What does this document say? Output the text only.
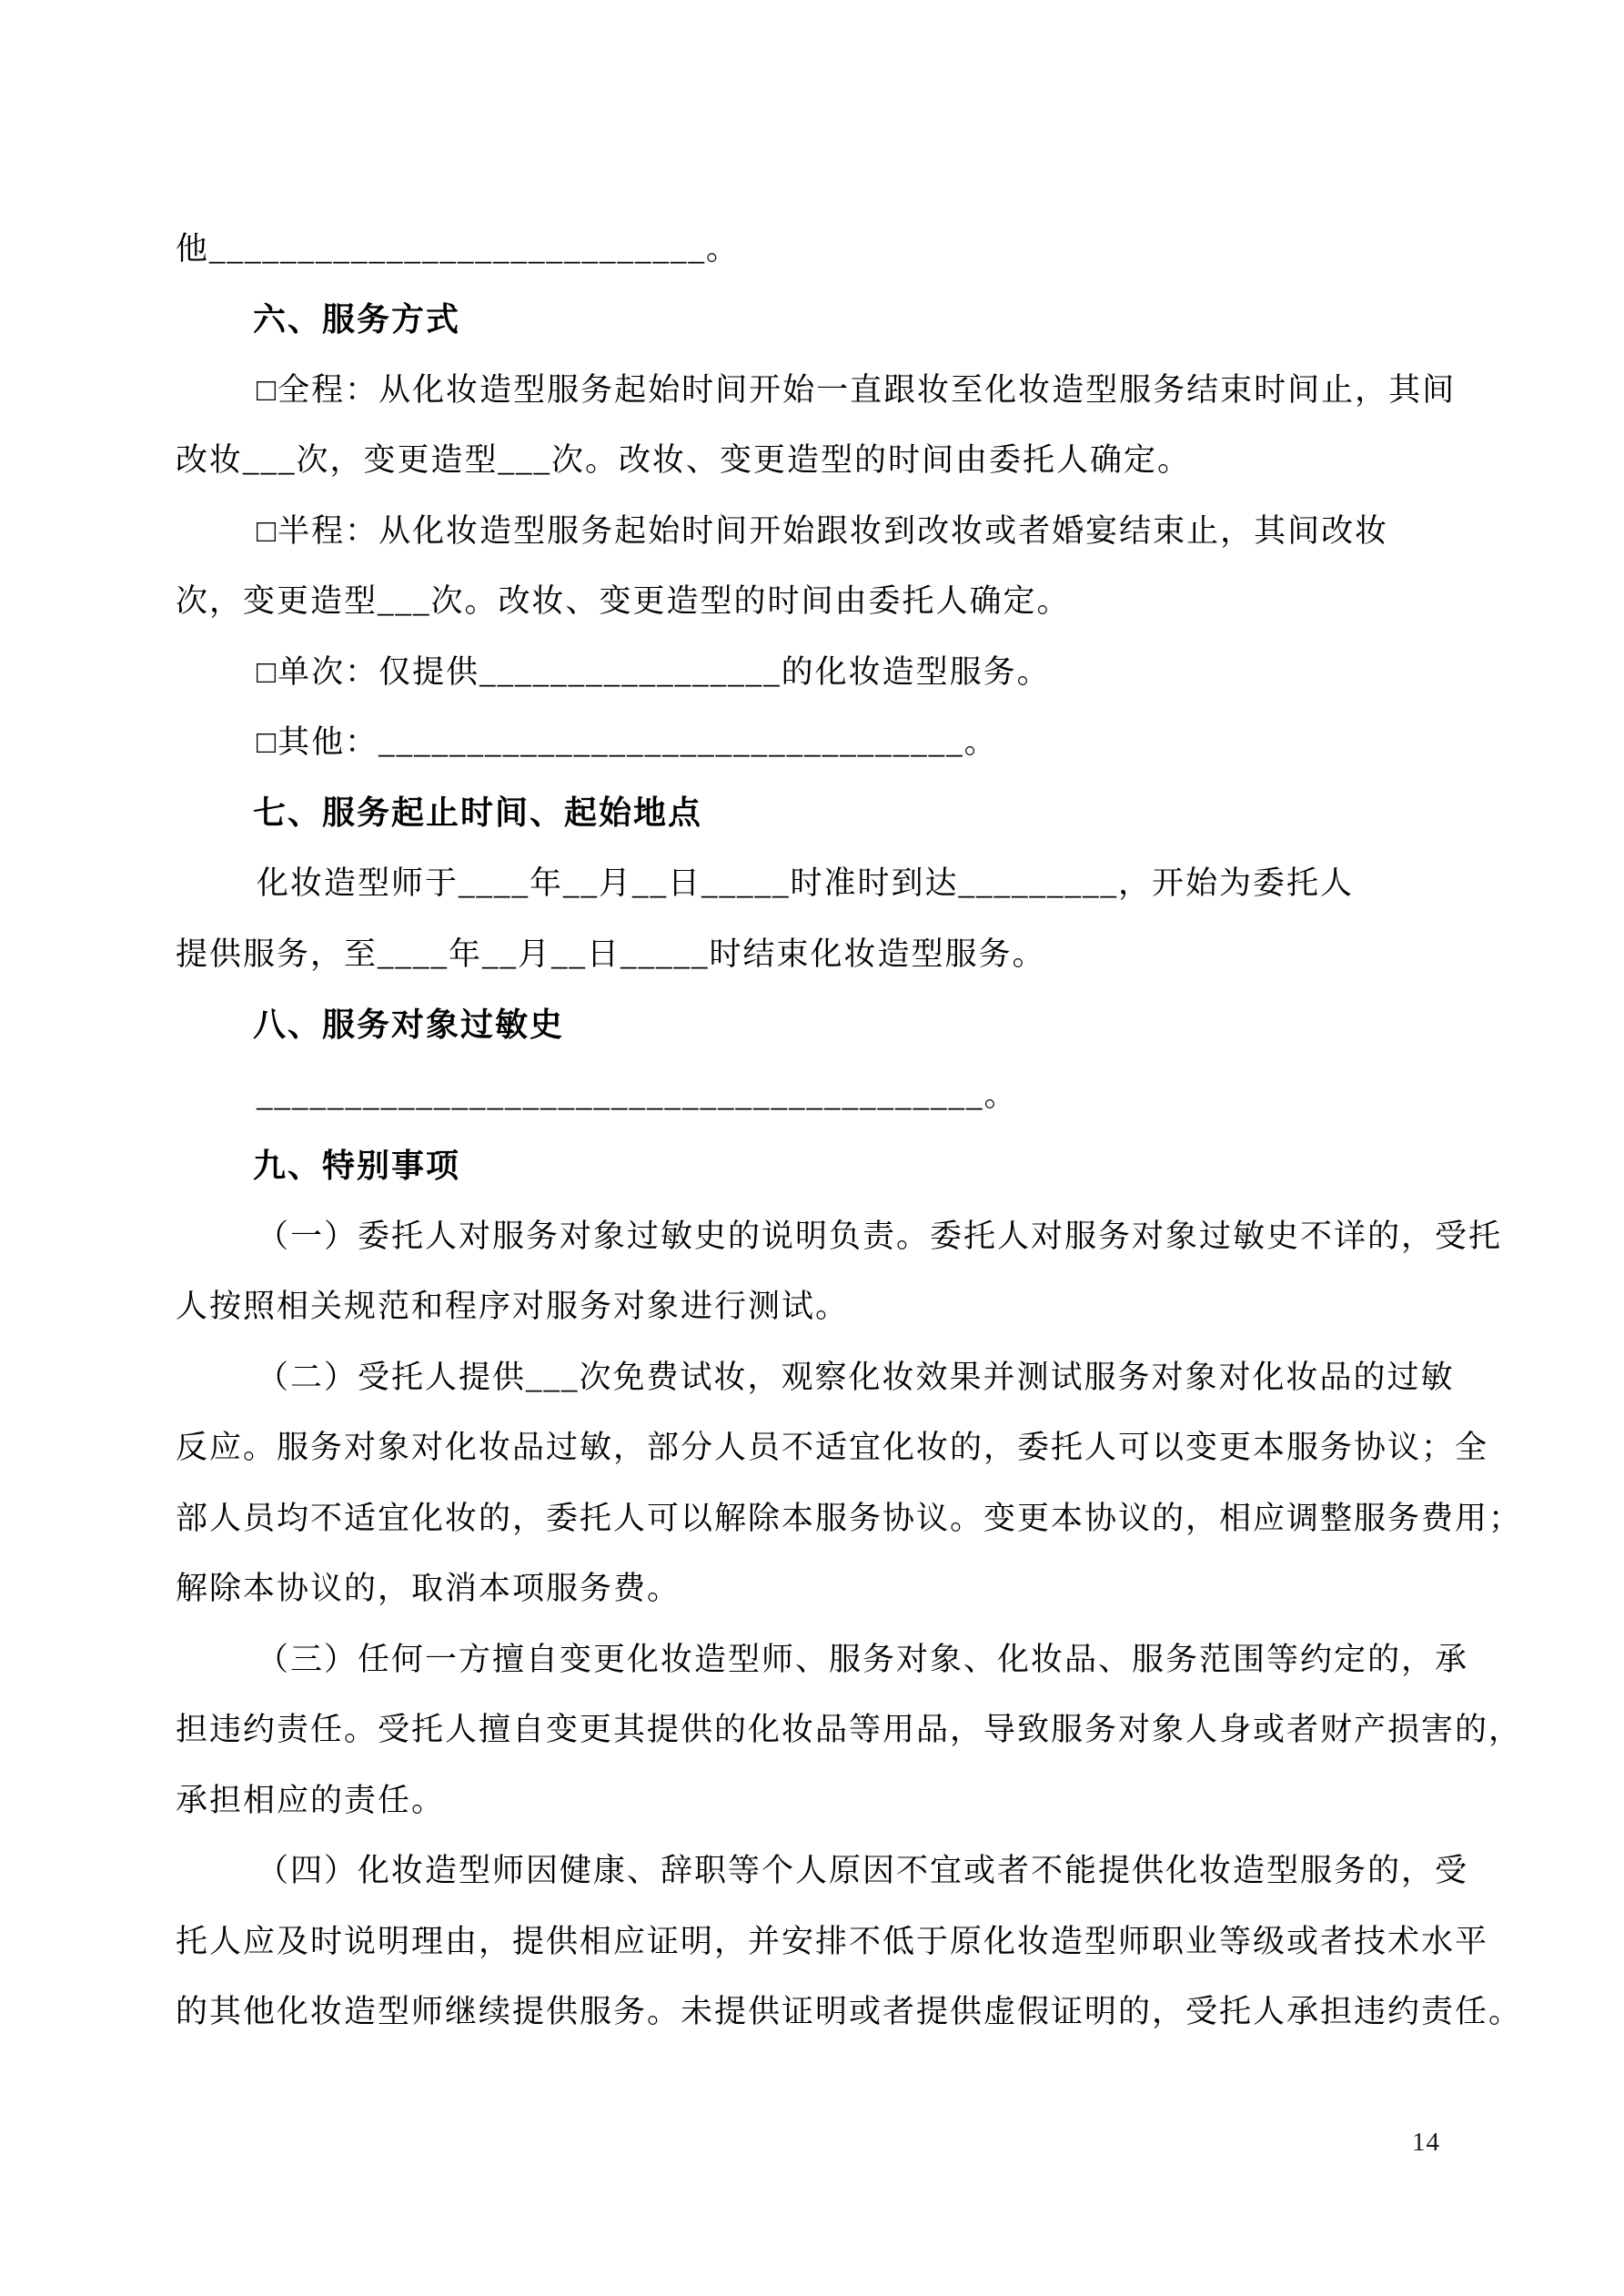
他____________________________。
六、服务方式
□全程：从化妆造型服务起始时间开始一直跟妆至化妆造型服务结束时间止，其间
改妆___次，变更造型___次。改妆、变更造型的时间由委托人确定。
□半程：从化妆造型服务起始时间开始跟妆到改妆或者婚宴结束止，其间改妆
次，变更造型___次。改妆、变更造型的时间由委托人确定。
□单次：仅提供_________________的化妆造型服务。
□其他：_________________________________。
七、服务起止时间、起始地点
化妆造型师于____年__月__日_____时准时到达_________，开始为委托人
提供服务，至____年__月__日_____时结束化妆造型服务。
八、服务对象过敏史
_________________________________________。
九、特别事项
（一）委托人对服务对象过敏史的说明负责。委托人对服务对象过敏史不详的，受托
人按照相关规范和程序对服务对象进行测试。
（二）受托人提供___次免费试妆，观察化妆效果并测试服务对象对化妆品的过敏
反应。服务对象对化妆品过敏，部分人员不适宜化妆的，委托人可以变更本服务协议；全
部人员均不适宜化妆的，委托人可以解除本服务协议。变更本协议的，相应调整服务费用；
解除本协议的，取消本项服务费。
（三）任何一方擅自变更化妆造型师、服务对象、化妆品、服务范围等约定的，承
担违约责任。受托人擅自变更其提供的化妆品等用品，导致服务对象人身或者财产损害的，
承担相应的责任。
（四）化妆造型师因健康、辞职等个人原因不宜或者不能提供化妆造型服务的，受
托人应及时说明理由，提供相应证明，并安排不低于原化妆造型师职业等级或者技术水平
的其他化妆造型师继续提供服务。未提供证明或者提供虚假证明的，受托人承担违约责任。
14
